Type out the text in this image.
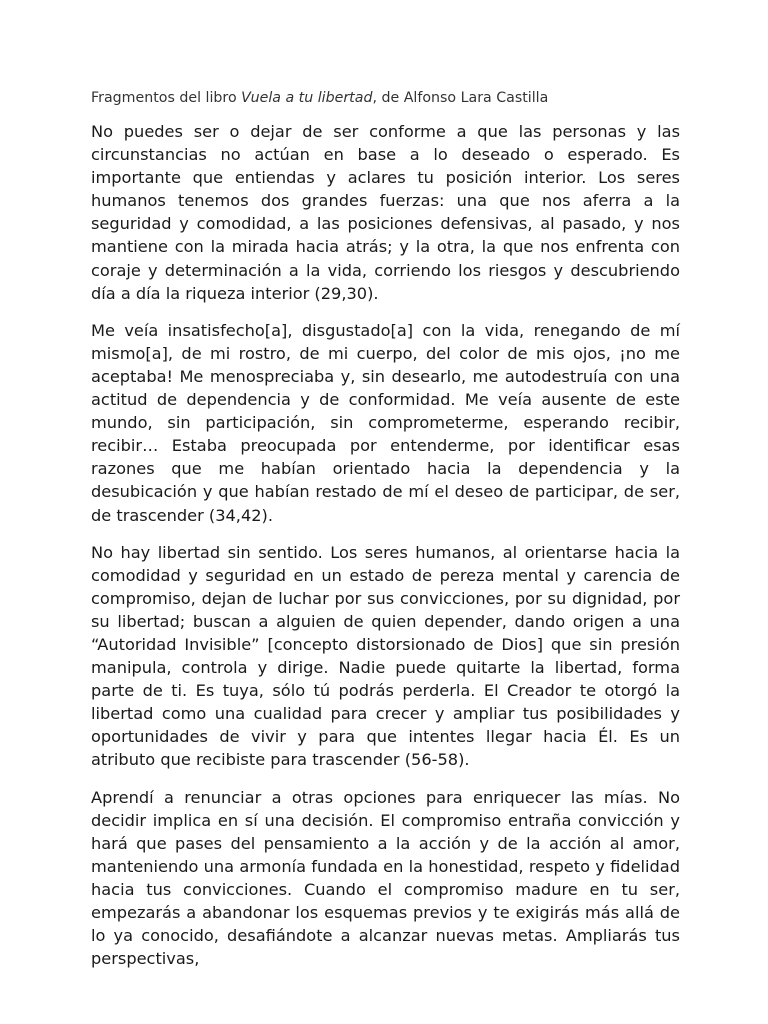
Fragmentos del libro Vuela a tu libertad, de Alfonso Lara Castilla

No puedes ser o dejar de ser conforme a que las personas y las circunstancias no actúan en base a lo deseado o esperado. Es importante que entiendas y aclares tu posición interior. Los seres humanos tenemos dos grandes fuerzas: una que nos aferra a la seguridad y comodidad, a las posiciones defensivas, al pasado, y nos mantiene con la mirada hacia atrás; y la otra, la que nos enfrenta con coraje y determinación a la vida, corriendo los riesgos y descubriendo día a día la riqueza interior (29,30).

Me veía insatisfecho[a], disgustado[a] con la vida, renegando de mí mismo[a], de mi rostro, de mi cuerpo, del color de mis ojos, ¡no me aceptaba! Me menospreciaba y, sin desearlo, me autodestruía con una actitud de dependencia y de conformidad. Me veía ausente de este mundo, sin participación, sin comprometerme, esperando recibir, recibir… Estaba preocupada por entenderme, por identificar esas razones que me habían orientado hacia la dependencia y la desubicación y que habían restado de mí el deseo de participar, de ser, de trascender (34,42).

No hay libertad sin sentido. Los seres humanos, al orientarse hacia la comodidad y seguridad en un estado de pereza mental y carencia de compromiso, dejan de luchar por sus convicciones, por su dignidad, por su libertad; buscan a alguien de quien depender, dando origen a una “Autoridad Invisible” [concepto distorsionado de Dios] que sin presión manipula, controla y dirige. Nadie puede quitarte la libertad, forma parte de ti. Es tuya, sólo tú podrás perderla. El Creador te otorgó la libertad como una cualidad para crecer y ampliar tus posibilidades y oportunidades de vivir y para que intentes llegar hacia Él. Es un atributo que recibiste para trascender (56-58).

Aprendí a renunciar a otras opciones para enriquecer las mías. No decidir implica en sí una decisión. El compromiso entraña convicción y hará que pases del pensamiento a la acción y de la acción al amor, manteniendo una armonía fundada en la honestidad, respeto y fidelidad hacia tus convicciones. Cuando el compromiso madure en tu ser, empezarás a abandonar los esquemas previos y te exigirás más allá de lo ya conocido, desafiándote a alcanzar nuevas metas. Ampliarás tus perspectivas,
